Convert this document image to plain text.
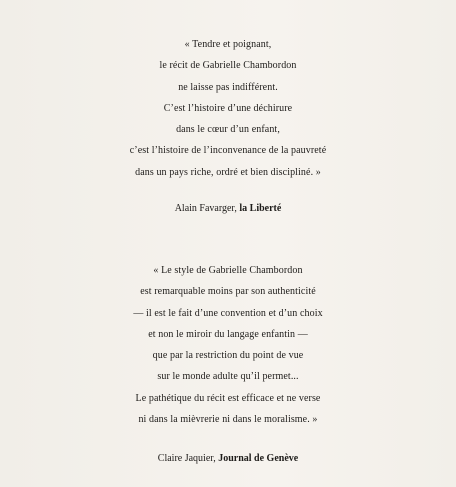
« Tendre et poignant,
le récit de Gabrielle Chambordon
ne laisse pas indifférent.
C’est l’histoire d’une déchirure
dans le cœur d’un enfant,
c’est l’histoire de l’inconvenance de la pauvreté
dans un pays riche, ordré et bien discipliné. »
Alain Favarger, la Liberté
« Le style de Gabrielle Chambordon
est remarquable moins par son authenticité
— il est le fait d’une convention et d’un choix
et non le miroir du langage enfantin —
que par la restriction du point de vue
sur le monde adulte qu’il permet...
Le pathétique du récit est efficace et ne verse
ni dans la mièvrerie ni dans le moralisme. »
Claire Jaquier, Journal de Genève
